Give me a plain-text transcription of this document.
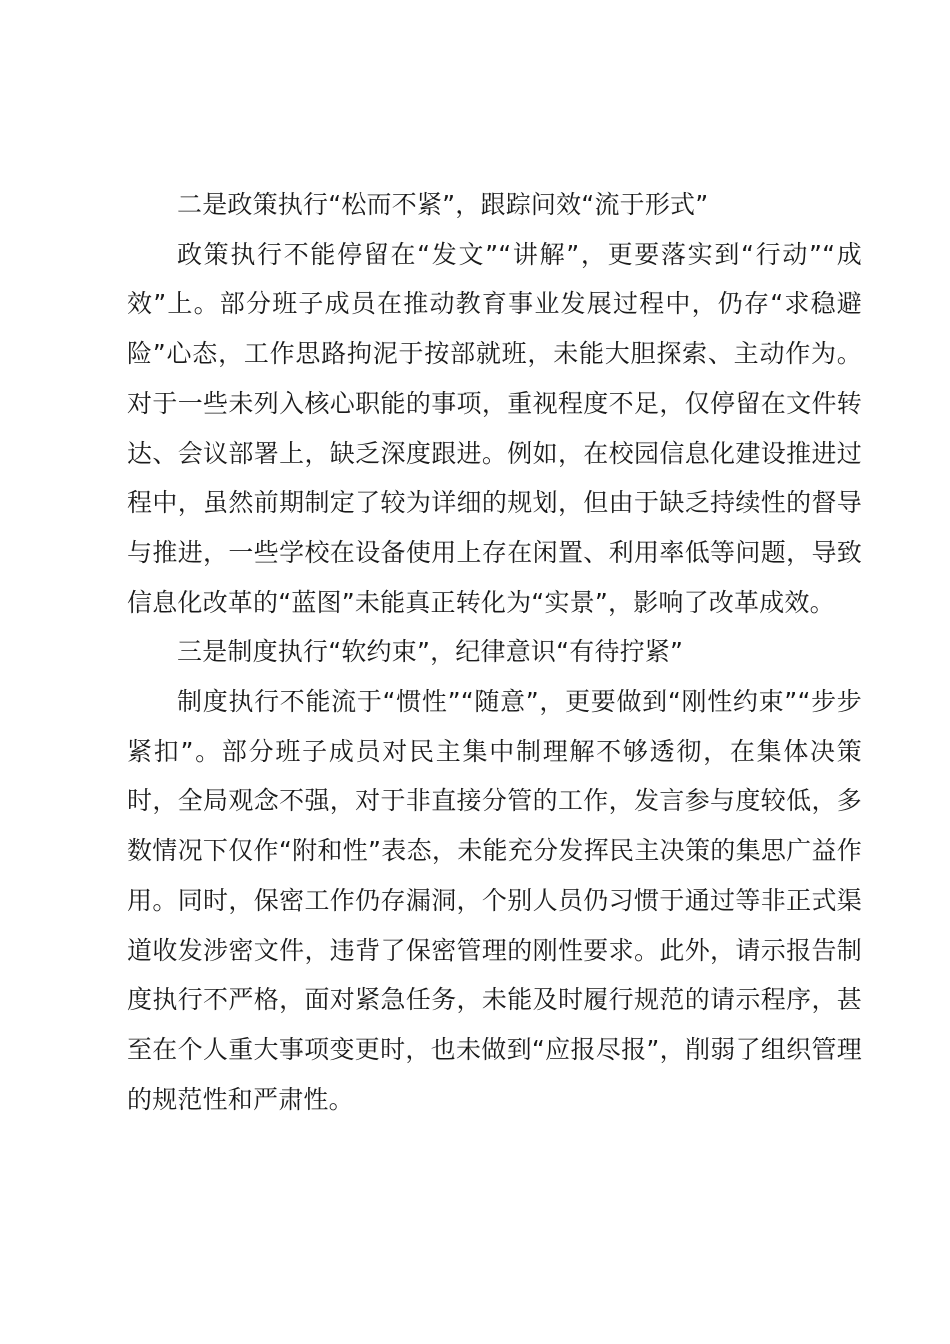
二是政策执行“松而不紧”，跟踪问效“流于形式”

政策执行不能停留在“发文”“讲解”，更要落实到“行动”“成效”上。部分班子成员在推动教育事业发展过程中，仍存“求稳避险”心态，工作思路拘泥于按部就班，未能大胆探索、主动作为。对于一些未列入核心职能的事项，重视程度不足，仅停留在文件转达、会议部署上，缺乏深度跟进。例如，在校园信息化建设推进过程中，虽然前期制定了较为详细的规划，但由于缺乏持续性的督导与推进，一些学校在设备使用上存在闲置、利用率低等问题，导致信息化改革的“蓝图”未能真正转化为“实景”，影响了改革成效。

三是制度执行“软约束”，纪律意识“有待拧紧”

制度执行不能流于“惯性”“随意”，更要做到“刚性约束”“步步紧扣”。部分班子成员对民主集中制理解不够透彻，在集体决策时，全局观念不强，对于非直接分管的工作，发言参与度较低，多数情况下仅作“附和性”表态，未能充分发挥民主决策的集思广益作用。同时，保密工作仍存漏洞，个别人员仍习惯于通过等非正式渠道收发涉密文件，违背了保密管理的刚性要求。此外，请示报告制度执行不严格，面对紧急任务，未能及时履行规范的请示程序，甚至在个人重大事项变更时，也未做到“应报尽报”，削弱了组织管理的规范性和严肃性。
